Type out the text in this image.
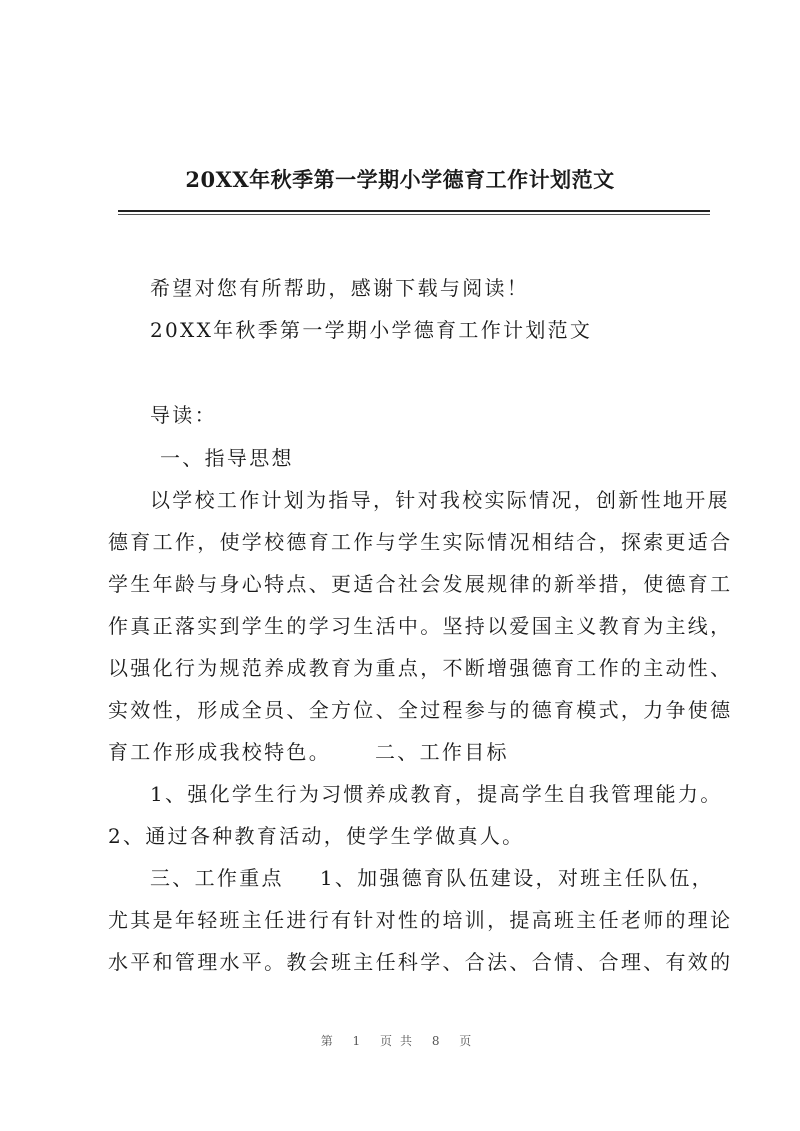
20XX年秋季第一学期小学德育工作计划范文
希望对您有所帮助，感谢下载与阅读！
20XX年秋季第一学期小学德育工作计划范文
导读：
一、指导思想
以学校工作计划为指导，针对我校实际情况，创新性地开展
德育工作，使学校德育工作与学生实际情况相结合，探索更适合
学生年龄与身心特点、更适合社会发展规律的新举措，使德育工
作真正落实到学生的学习生活中。坚持以爱国主义教育为主线，
以强化行为规范养成教育为重点，不断增强德育工作的主动性、
实效性，形成全员、全方位、全过程参与的德育模式，力争使德
育工作形成我校特色。 二、工作目标
1、强化学生行为习惯养成教育，提高学生自我管理能力。
2、通过各种教育活动，使学生学做真人。
三、工作重点 1、加强德育队伍建设，对班主任队伍，
尤其是年轻班主任进行有针对性的培训，提高班主任老师的理论
水平和管理水平。教会班主任科学、合法、合情、合理、有效的
第 1 页共 8 页
